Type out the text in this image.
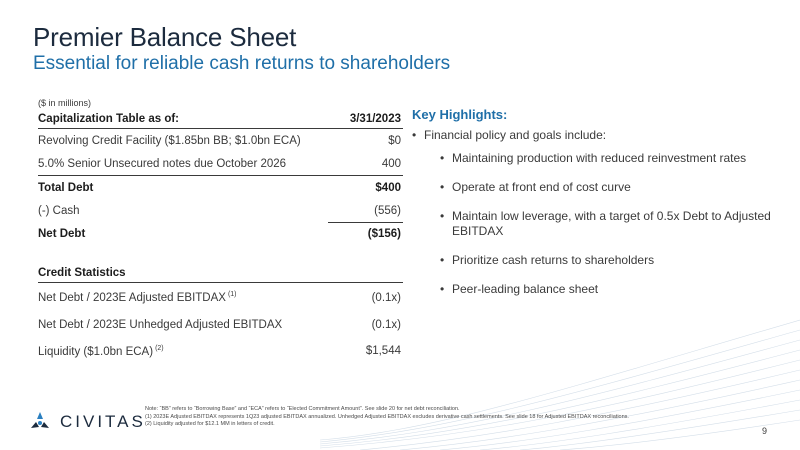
Premier Balance Sheet
Essential for reliable cash returns to shareholders
($ in millions)
Capitalization Table as of:	3/31/2023
Revolving Credit Facility ($1.85bn BB; $1.0bn ECA)	$0
5.0% Senior Unsecured notes due October 2026	400
Total Debt	$400
(-) Cash	(556)
Net Debt	($156)
Credit Statistics
Net Debt / 2023E Adjusted EBITDAX $^{(1)}$	(0.1x)
Net Debt / 2023E Unhedged Adjusted EBITDAX	(0.1x)
Liquidity ($1.0bn ECA) $^{(2)}$	$1,544
Key Highlights:
• Financial policy and goals include:
• Maintaining production with reduced reinvestment rates
• Operate at front end of cost curve
• Maintain low leverage, with a target of 0.5x Debt to Adjusted EBITDAX
• Prioritize cash returns to shareholders
• Peer-leading balance sheet
CIVITAS
Note: “BB” refers to “Borrowing Base” and “ECA” refers to “Elected Commitment Amount”. See slide 20 for net debt reconciliation.
(1) 2023E Adjusted EBITDAX represents 1Q23 adjusted EBITDAX annualized. Unhedged Adjusted EBITDAX excludes derivative cash settlements. See slide 18 for Adjusted EBITDAX reconciliations.
(2) Liquidity adjusted for $12.1 MM in letters of credit.
9
